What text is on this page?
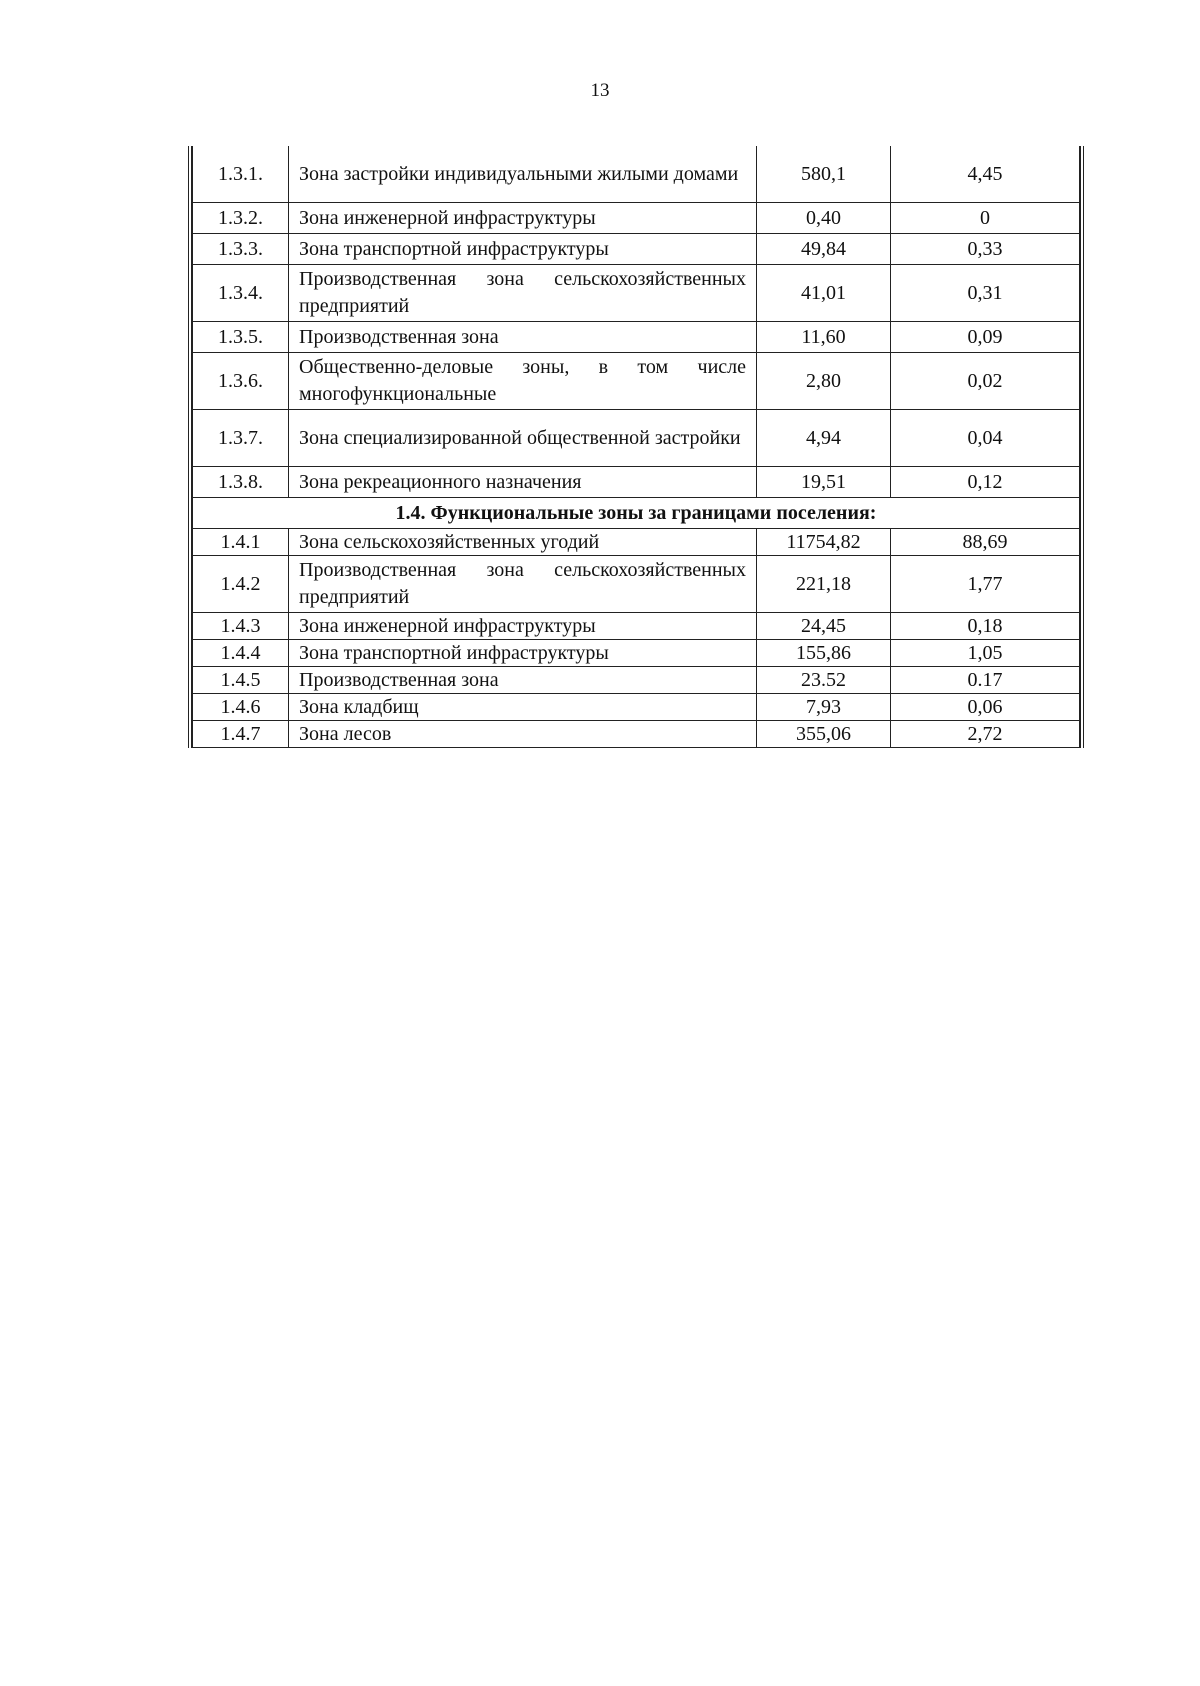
13
1.3.1.	Зона застройки индивидуальными жилыми домами	580,1	4,45
1.3.2.	Зона инженерной инфраструктуры	0,40	0
1.3.3.	Зона транспортной инфраструктуры	49,84	0,33
1.3.4.	Производственная зона сельскохозяйственных предприятий	41,01	0,31
1.3.5.	Производственная зона	11,60	0,09
1.3.6.	Общественно-деловые зоны, в том числе многофункциональные	2,80	0,02
1.3.7.	Зона специализированной общественной застройки	4,94	0,04
1.3.8.	Зона рекреационного назначения	19,51	0,12
1.4. Функциональные зоны за границами поселения:			
1.4.1	Зона сельскохозяйственных угодий	11754,82	88,69
1.4.2	Производственная зона сельскохозяйственных предприятий	221,18	1,77
1.4.3	Зона инженерной инфраструктуры	24,45	0,18
1.4.4	Зона транспортной инфраструктуры	155,86	1,05
1.4.5	Производственная зона	23.52	0.17
1.4.6	Зона кладбищ	7,93	0,06
1.4.7	Зона лесов	355,06	2,72
